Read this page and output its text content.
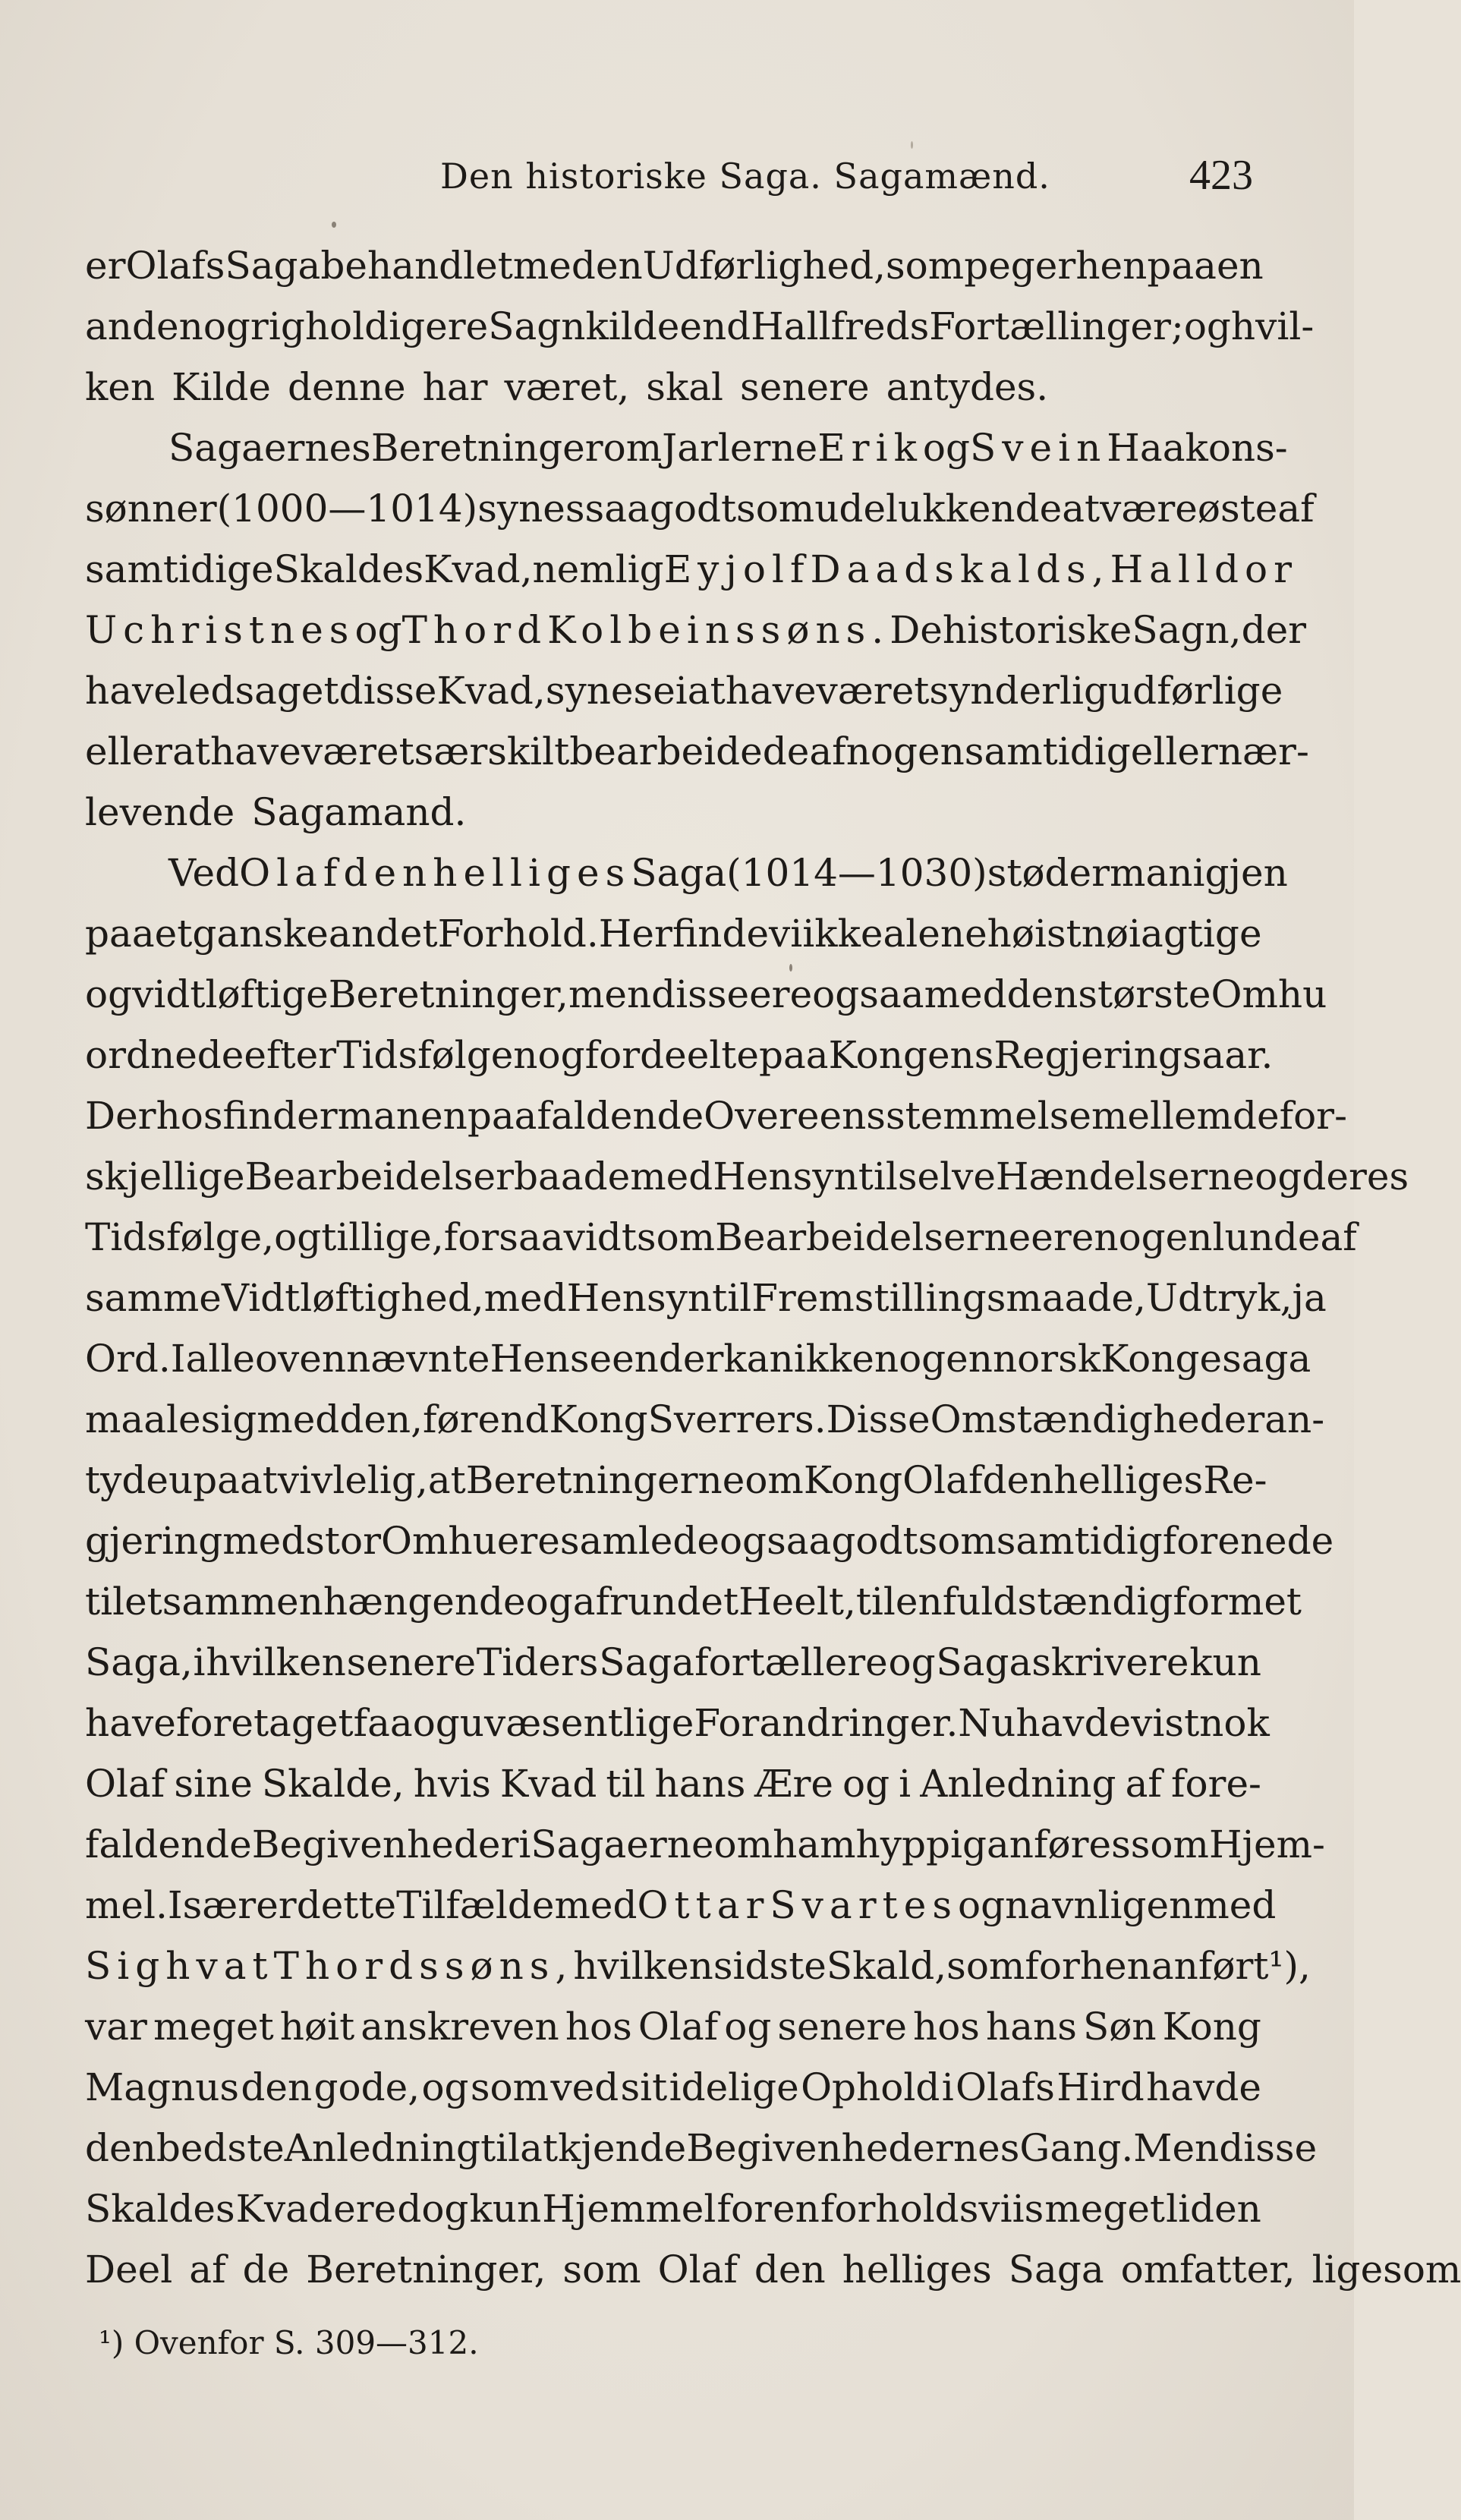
Den historiske Saga. Sagamænd.	423
er Olafs Saga behandlet med en Udførlighed, som peger hen paa en
anden og righoldigere Sagnkilde end Hallfreds Fortællinger; og hvil-
ken Kilde denne har været, skal senere antydes.
Sagaernes Beretninger om Jarlerne Erik og Svein Haakons-
sønner (1000—1014) synes saa godt som udelukkende at være øste af
samtidige Skaldes Kvad, nemlig Eyjolf Daadskalds, Halldor
Uchristnes og Thord Kolbeinssøns. De historiske Sagn, der
have ledsaget disse Kvad, synes ei at have været synderlig udførlige
eller at have været særskilt bearbeidede af nogen samtidig eller nær-
levende Sagamand.
Ved Olaf den helliges Saga (1014—1030) støder man igjen
paa et ganske andet Forhold. Her finde vi ikke alene høist nøiagtige
og vidtløftige Beretninger, men disse ere ogsaa med den største Omhu
ordnede efter Tidsfølgen og fordeelte paa Kongens Regjeringsaar.
Derhos finder man en paafaldende Overeensstemmelse mellem de for-
skjellige Bearbeidelser baade med Hensyn til selve Hændelserne og deres
Tidsfølge, og tillige, forsaavidt som Bearbeidelserne ere nogenlunde af
samme Vidtløftighed, med Hensyn til Fremstillingsmaade, Udtryk, ja
Ord. I alle ovennævnte Henseender kan ikke nogen norsk Kongesaga
maale sig med den, førend Kong Sverrers. Disse Omstændigheder an-
tyde upaatvivlelig, at Beretningerne om Kong Olaf den helliges Re-
gjering med stor Omhu ere samlede og saa godt som samtidig forenede
til et sammenhængende og afrundet Heelt, til en fuldstændig formet
Saga, i hvilken senere Tiders Sagafortællere og Sagaskrivere kun
have foretaget faa og uvæsentlige Forandringer. Nu havde vistnok
Olaf sine Skalde, hvis Kvad til hans Ære og i Anledning af fore-
faldende Begivenheder i Sagaerne om ham hyppig anføres som Hjem-
mel. Især er dette Tilfælde med Ottar Svartes og navnligen med
Sighvat Thordssøns, hvilken sidste Skald, som forhen anført¹),
var meget høit anskreven hos Olaf og senere hos hans Søn Kong
Magnus den gode, og som ved sit idelige Ophold i Olafs Hird havde
den bedste Anledning til at kjende Begivenhedernes Gang. Men disse
Skaldes Kvad ere dog kun Hjemmel for en forholdsviis meget liden
Deel af de Beretninger, som Olaf den helliges Saga omfatter, ligesom
¹) Ovenfor S. 309—312.
